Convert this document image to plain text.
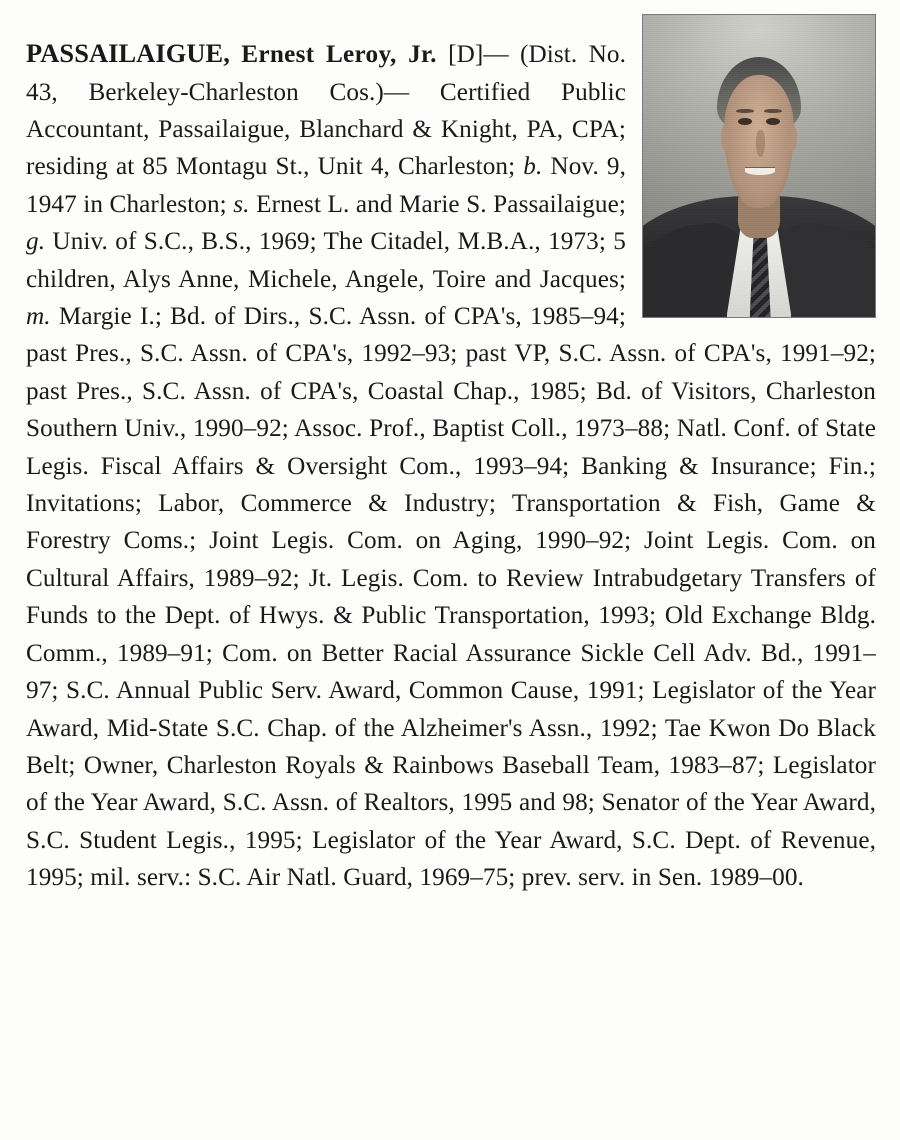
PASSAILAIGUE, Ernest Leroy, Jr. [D]— (Dist. No. 43, Berkeley-Charleston Cos.)— Certified Public Accountant, Passailaigue, Blanchard & Knight, PA, CPA; residing at 85 Montagu St., Unit 4, Charleston; b. Nov. 9, 1947 in Charleston; s. Ernest L. and Marie S. Passailaigue; g. Univ. of S.C., B.S., 1969; The Citadel, M.B.A., 1973; 5 children, Alys Anne, Michele, Angele, Toire and Jacques; m. Margie I.; Bd. of Dirs., S.C. Assn. of CPA's, 1985–94; past Pres., S.C. Assn. of CPA's, 1992–93; past VP, S.C. Assn. of CPA's, 1991–92; past Pres., S.C. Assn. of CPA's, Coastal Chap., 1985; Bd. of Visitors, Charleston Southern Univ., 1990–92; Assoc. Prof., Baptist Coll., 1973–88; Natl. Conf. of State Legis. Fiscal Affairs & Oversight Com., 1993–94; Banking & Insurance; Fin.; Invitations; Labor, Commerce & Industry; Transportation & Fish, Game & Forestry Coms.; Joint Legis. Com. on Aging, 1990–92; Joint Legis. Com. on Cultural Affairs, 1989–92; Jt. Legis. Com. to Review Intrabudgetary Transfers of Funds to the Dept. of Hwys. & Public Transportation, 1993; Old Exchange Bldg. Comm., 1989–91; Com. on Better Racial Assurance Sickle Cell Adv. Bd., 1991–97; S.C. Annual Public Serv. Award, Common Cause, 1991; Legislator of the Year Award, Mid-State S.C. Chap. of the Alzheimer's Assn., 1992; Tae Kwon Do Black Belt; Owner, Charleston Royals & Rainbows Baseball Team, 1983–87; Legislator of the Year Award, S.C. Assn. of Realtors, 1995 and 98; Senator of the Year Award, S.C. Student Legis., 1995; Legislator of the Year Award, S.C. Dept. of Revenue, 1995; mil. serv.: S.C. Air Natl. Guard, 1969–75; prev. serv. in Sen. 1989–00.
